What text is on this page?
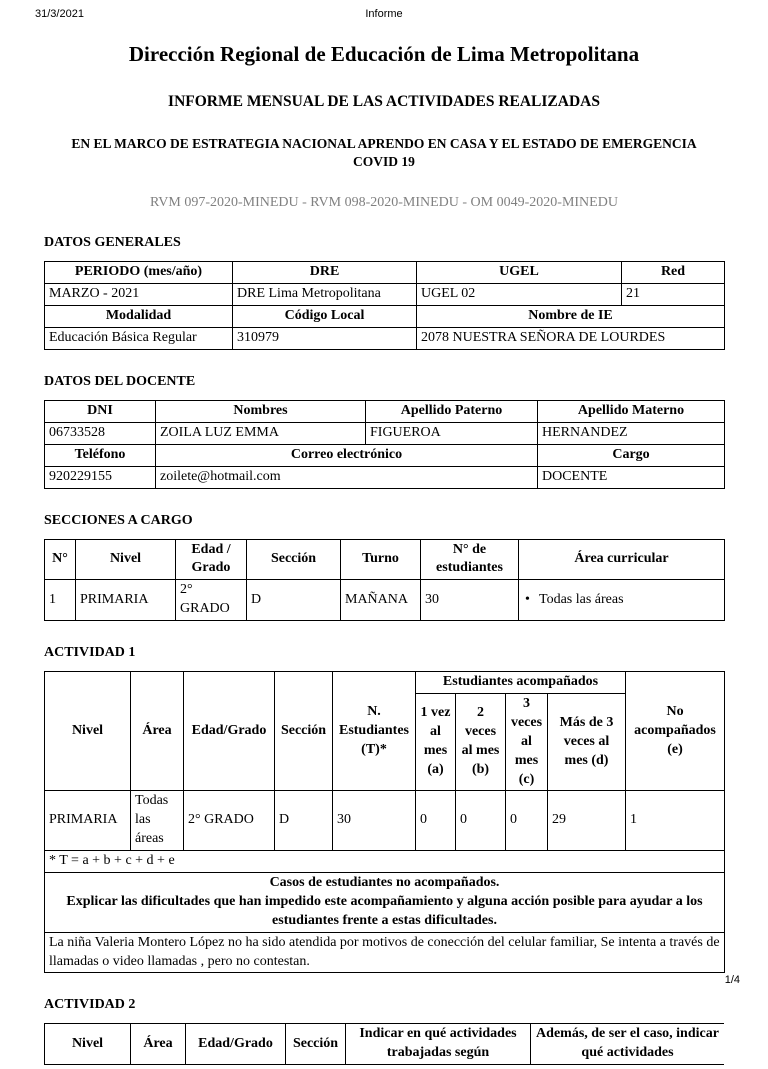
31/3/2021	Informe
Dirección Regional de Educación de Lima Metropolitana
INFORME MENSUAL DE LAS ACTIVIDADES REALIZADAS
EN EL MARCO DE ESTRATEGIA NACIONAL APRENDO EN CASA Y EL ESTADO DE EMERGENCIA COVID 19

RVM 097-2020-MINEDU - RVM 098-2020-MINEDU - OM 0049-2020-MINEDU

DATOS GENERALES
PERIODO (mes/año)	DRE	UGEL	Red
MARZO - 2021	DRE Lima Metropolitana	UGEL 02	21
Modalidad	Código Local	Nombre de IE	
Educación Básica Regular	310979	2078 NUESTRA SEÑORA DE LOURDES	
DATOS DEL DOCENTE
DNI	Nombres	Apellido Paterno	Apellido Materno
06733528	ZOILA LUZ EMMA	FIGUEROA	HERNANDEZ
Teléfono	Correo electrónico		Cargo
920229155	zoilete@hotmail.com		DOCENTE
SECCIONES A CARGO
N°	Nivel	Edad / Grado	Sección	Turno	N° de estudiantes	Área curricular
1	PRIMARIA	2° GRADO	D	MAÑANA	30	• Todas las áreas
ACTIVIDAD 1
Nivel	Área	Edad/Grado	Sección	N. Estudiantes (T)*	Estudiantes acompañados				No acompañados (e)
					1 vez al mes (a)	2 veces al mes (b)	3 veces al mes (c)	Más de 3 veces al mes (d)	
PRIMARIA	Todas las áreas	2° GRADO	D	30	0	0	0	29	1
* T = a + b + c + d + e									

Casos de estudiantes no acompañados.
Explicar las dificultades que han impedido este acompañamiento y alguna acción posible para ayudar a los estudiantes frente a estas dificultades.									

La niña Valeria Montero López no ha sido atendida por motivos de conección del celular familiar, Se intenta a través de llamadas o video llamadas , pero no contestan.									
ACTIVIDAD 2
Nivel	Área	Edad/Grado	Sección	Indicar en qué actividades trabajadas según	Además, de ser el caso, indicar qué actividades
1/4
